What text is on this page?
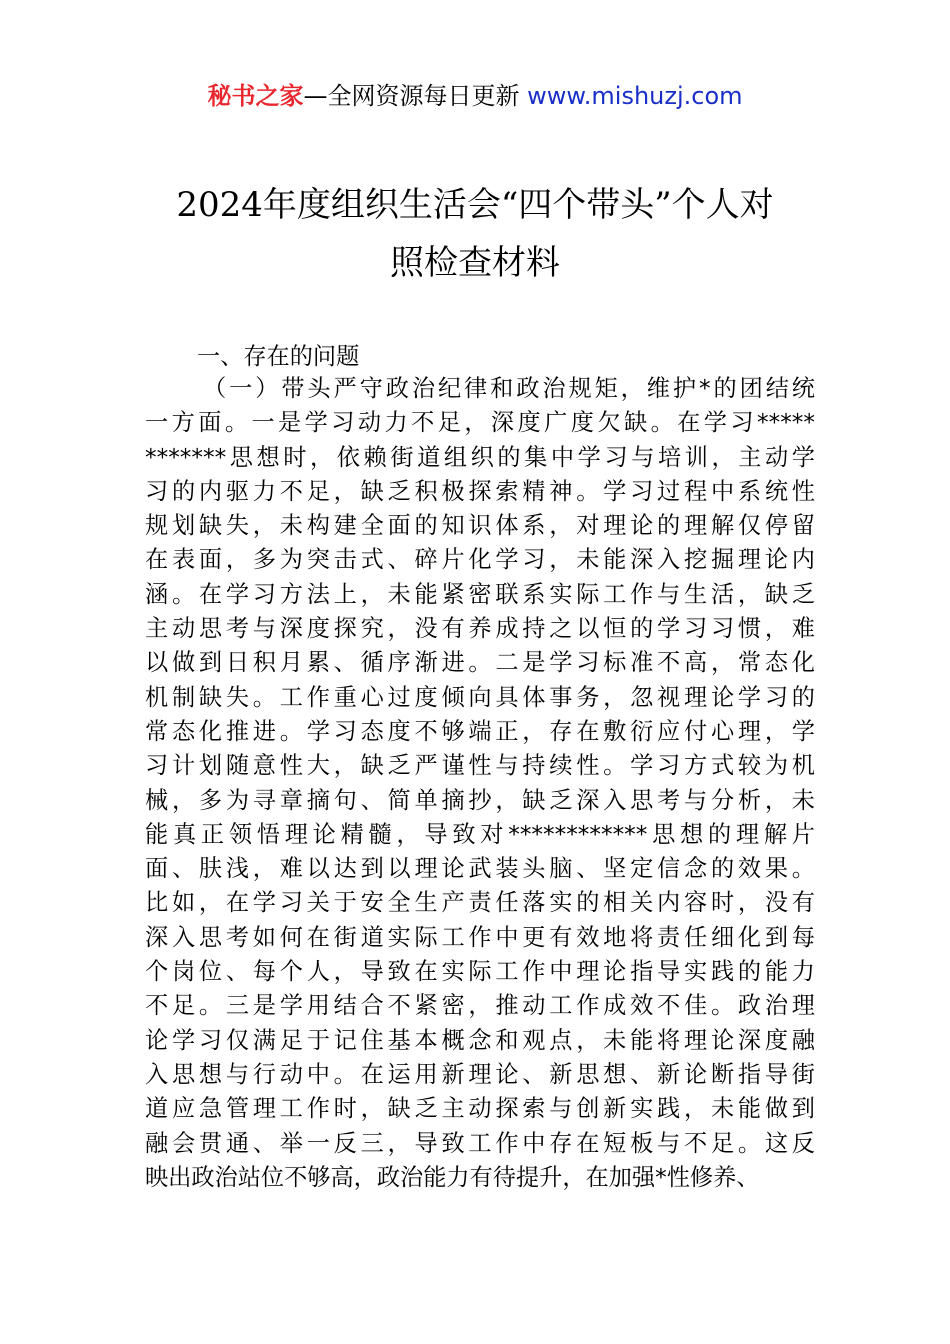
秘书之家—全网资源每日更新 www.mishuzj.com
2024年度组织生活会“四个带头”个人对
照检查材料
一、存在的问题
（一）带头严守政治纪律和政治规矩，维护*的团结统
一方面。一是学习动力不足，深度广度欠缺。在学习*****
*******思想时，依赖街道组织的集中学习与培训，主动学
习的内驱力不足，缺乏积极探索精神。学习过程中系统性
规划缺失，未构建全面的知识体系，对理论的理解仅停留
在表面，多为突击式、碎片化学习，未能深入挖掘理论内
涵。在学习方法上，未能紧密联系实际工作与生活，缺乏
主动思考与深度探究，没有养成持之以恒的学习习惯，难
以做到日积月累、循序渐进。二是学习标准不高，常态化
机制缺失。工作重心过度倾向具体事务，忽视理论学习的
常态化推进。学习态度不够端正，存在敷衍应付心理，学
习计划随意性大，缺乏严谨性与持续性。学习方式较为机
械，多为寻章摘句、简单摘抄，缺乏深入思考与分析，未
能真正领悟理论精髓，导致对************思想的理解片
面、肤浅，难以达到以理论武装头脑、坚定信念的效果。
比如，在学习关于安全生产责任落实的相关内容时，没有
深入思考如何在街道实际工作中更有效地将责任细化到每
个岗位、每个人，导致在实际工作中理论指导实践的能力
不足。三是学用结合不紧密，推动工作成效不佳。政治理
论学习仅满足于记住基本概念和观点，未能将理论深度融
入思想与行动中。在运用新理论、新思想、新论断指导街
道应急管理工作时，缺乏主动探索与创新实践，未能做到
融会贯通、举一反三，导致工作中存在短板与不足。这反
映出政治站位不够高，政治能力有待提升，在加强*性修养、
